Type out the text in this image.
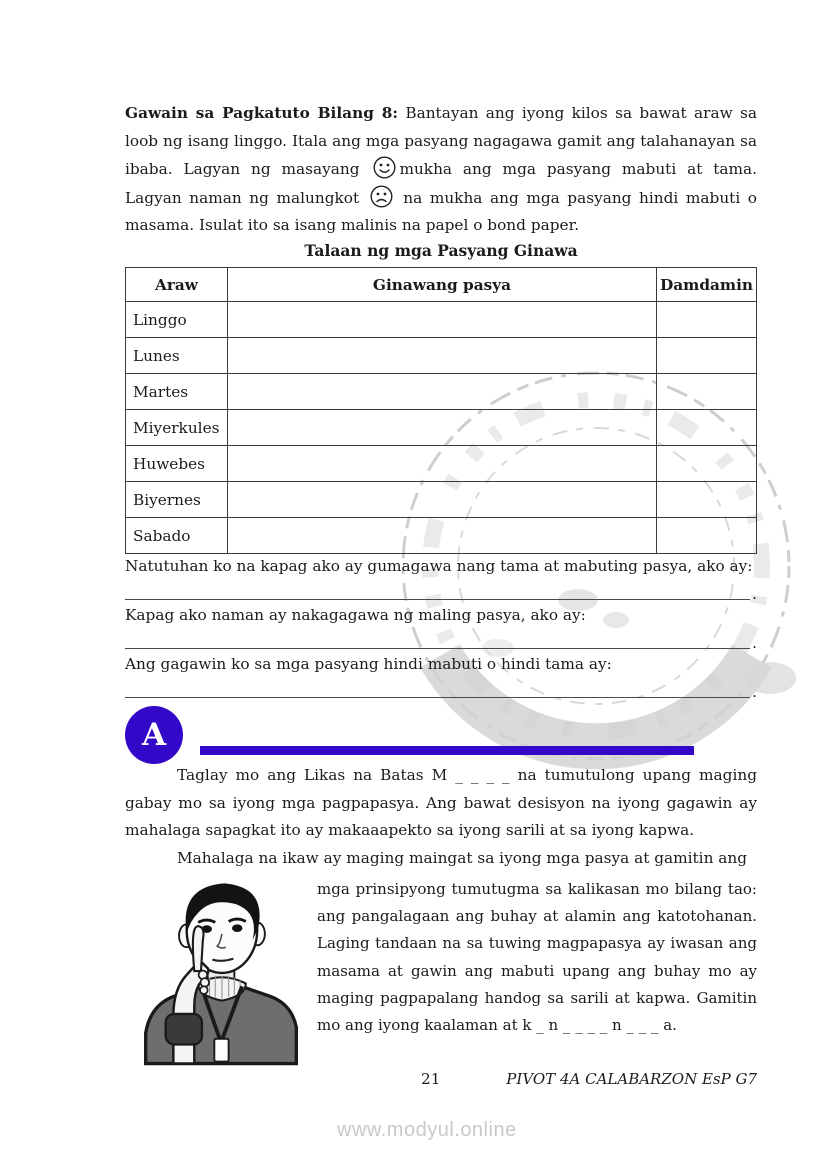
Gawain sa Pagkatuto Bilang 8: Bantayan ang iyong kilos sa bawat araw sa loob ng isang linggo. Itala ang mga pasyang nagagawa gamit ang talahanayan sa ibaba. Lagyan ng masayang mukha ang mga pasyang mabuti at tama. Lagyan naman ng malungkot  na mukha ang mga pasyang hindi mabuti o masama. Isulat ito sa isang malinis na papel o bond paper.

Talaan ng mga Pasyang Ginawa
Araw	Ginawang pasya	Damdamin
Linggo		
Lunes		
Martes		
Miyerkules		
Huwebes		
Biyernes		
Sabado		
Natutuhan ko na kapag ako ay gumagawa nang tama at mabuting pasya, ako ay:
.
Kapag ako naman ay nakagagawa ng maling pasya, ako ay:
.
Ang gagawin ko sa mga pasyang hindi mabuti o hindi tama ay:
.
A

Taglay mo ang Likas na Batas M _ _ _ _ na tumutulong upang maging gabay mo sa iyong mga pagpapasya. Ang bawat desisyon na iyong gagawin ay mahalaga sapagkat ito ay makaaapekto sa iyong sarili at sa iyong kapwa.

Mahalaga na ikaw ay maging maingat sa iyong mga pasya at gamitin ang

mga prinsipyong tumutugma sa kalikasan mo bilang tao: ang pangalagaan ang buhay at alamin ang katotohanan. Laging tandaan na sa tuwing magpapasya ay iwasan ang masama at gawin ang mabuti upang ang buhay mo ay maging pagpapalang handog sa sarili at kapwa. Gamitin mo ang iyong kaalaman at k _ n _ _ _ _ n _ _ _ a.
21	PIVOT 4A CALABARZON EsP G7
www.modyul.online
